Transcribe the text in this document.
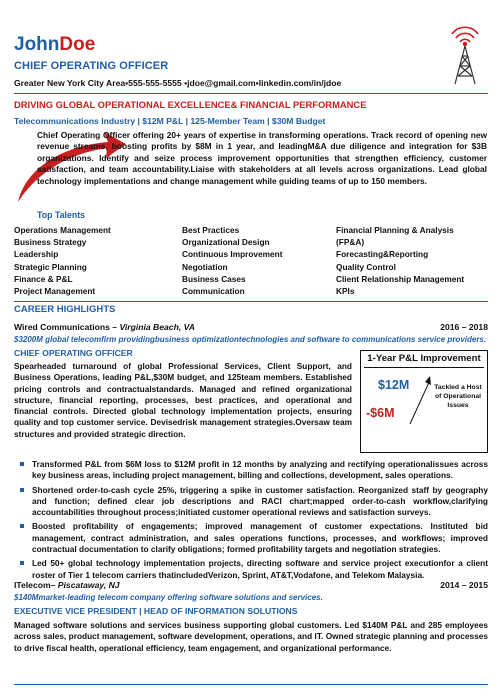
JohnDoe
CHIEF OPERATING OFFICER
Greater New York City Area▪555-555-5555 ▪jdoe@gmail.com▪linkedin.com/in/jdoe
DRIVING GLOBAL OPERATIONAL EXCELLENCE& FINANCIAL PERFORMANCE
Telecommunications Industry | $12M P&L | 125-Member Team | $30M Budget
Chief Operating Officer offering 20+ years of expertise in transforming operations. Track record of opening new revenue streams, boosting profits by $8M in 1 year, and leadingM&A due diligence and integration for $3B organizations. Identify and seize process improvement opportunities that strengthen efficiency, customer satisfaction, and team accountability.Liaise with stakeholders at all levels across organizations. Lead global technology implementations and change management while guiding teams of up to 150 members.
Top Talents
Operations Management
Business Strategy
Leadership
Strategic Planning
Finance & P&L
Project Management
Best Practices
Organizational Design
Continuous Improvement
Negotiation
Business Cases
Communication
Financial Planning & Analysis
(FP&A)
Forecasting&Reporting
Quality Control
Client Relationship Management
KPIs
CAREER HIGHLIGHTS
Wired Communications – Virginia Beach, VA	2016 – 2018
$3200M global telecomfirm providingbusiness optimizationtechnologies and software to communications service providers.
CHIEF OPERATING OFFICER
Spearheaded turnaround of global Professional Services, Client Support, and Business Operations, leading P&L,$30M budget, and 125team members. Established pricing controls and contractualstandards. Managed and refined organizational structure, financial reporting, processes, best practices, and operational and financial controls. Directed global technology implementation projects, ensuring quality and top customer service. Devisedrisk management strategies.Oversaw team structures and provided strategic direction.
1-Year P&L Improvement
$12M
-$6M
Tackled a Host of Operational Issues
Transformed P&L from $6M loss to $12M profit in 12 months by analyzing and rectifying operationalissues across key business areas, including project management, billing and collections, development, sales operations.
Shortened order-to-cash cycle 25%, triggering a spike in customer satisfaction. Reorganized staff by geography and function; defined clear job descriptions and RACI chart;mapped order-to-cash workflow,clarifying accountabilities throughout process;initiated customer operational reviews and satisfaction surveys.
Boosted profitability of engagements; improved management of customer expectations. Instituted bid management, contract administration, and sales operations functions, processes, and workflows; improved contractual documentation to clarify obligations; formed profitability targets and negotiation strategies.
Led 50+ global technology implementation projects, directing software and service project executionfor a client roster of Tier 1 telecom carriers thatincludedVerizon, Sprint, AT&T,Vodafone, and Telekom Malaysia.
ITelecom– Piscataway, NJ	2014 – 2015
$140Mmarket-leading telecom company offering software solutions and services.
EXECUTIVE VICE PRESIDENT | HEAD OF INFORMATION SOLUTIONS
Managed software solutions and services business supporting global customers. Led $140M P&L and 285 employees across sales, product management, software development, operations, and IT. Owned strategic planning and processes to drive fiscal health, operational efficiency, team engagement, and organizational performance.
